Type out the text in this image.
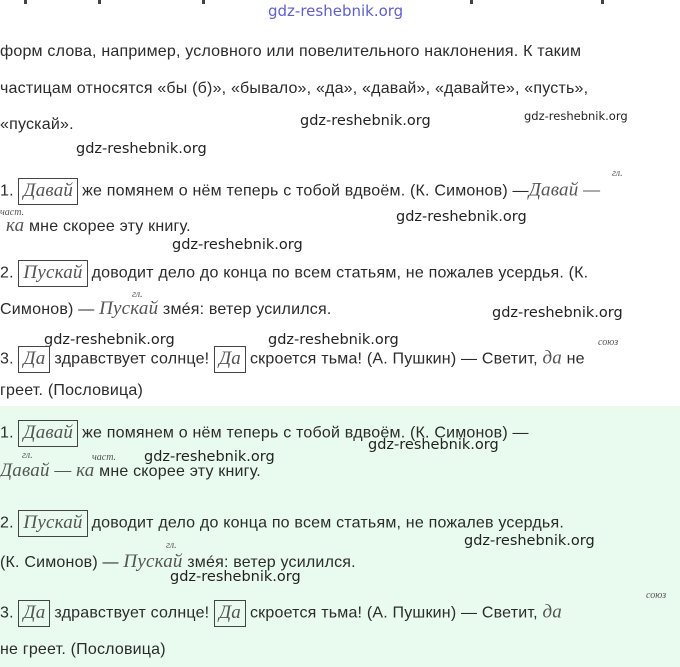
gdz-reshebnik.org
форм слова, например, условного или повелительного наклонения. К таким
частицам относятся «бы (б)», «бывало», «да», «давай», «давайте», «пусть»,
«пускай».	gdz-reshebnik.org	gdz-reshebnik.org
gdz-reshebnik.org
1. Давай же помянем о нём теперь с тобой вдвоём. (К. Симонов) —Давай —
гл.
част.
ка мне скорее эту книгу.
gdz-reshebnik.org
gdz-reshebnik.org
2. Пускай доводит дело до конца по всем статьям, не пожалев усердья. (К.
гл.
Симонов) — Пускай змéя: ветер усилился.	gdz-reshebnik.org
gdz-reshebnik.org	gdz-reshebnik.org
3. Да здравствует солнце! Да скроется тьма! (А. Пушкин) — Светит, да не
союз
греет. (Пословица)
1. Давай же помянем о нём теперь с тобой вдвоём. (К. Симонов) —
gdz-reshebnik.org
gdz-reshebnik.org
гл.	част.
Давай — ка мне скорее эту книгу.
2. Пускай доводит дело до конца по всем статьям, не пожалев усердья.
gdz-reshebnik.org
гл.
(К. Симонов) — Пускай змéя: ветер усилился.
gdz-reshebnik.org
3. Да здравствует солнце! Да скроется тьма! (А. Пушкин) — Светит, да
союз
не греет. (Пословица)
